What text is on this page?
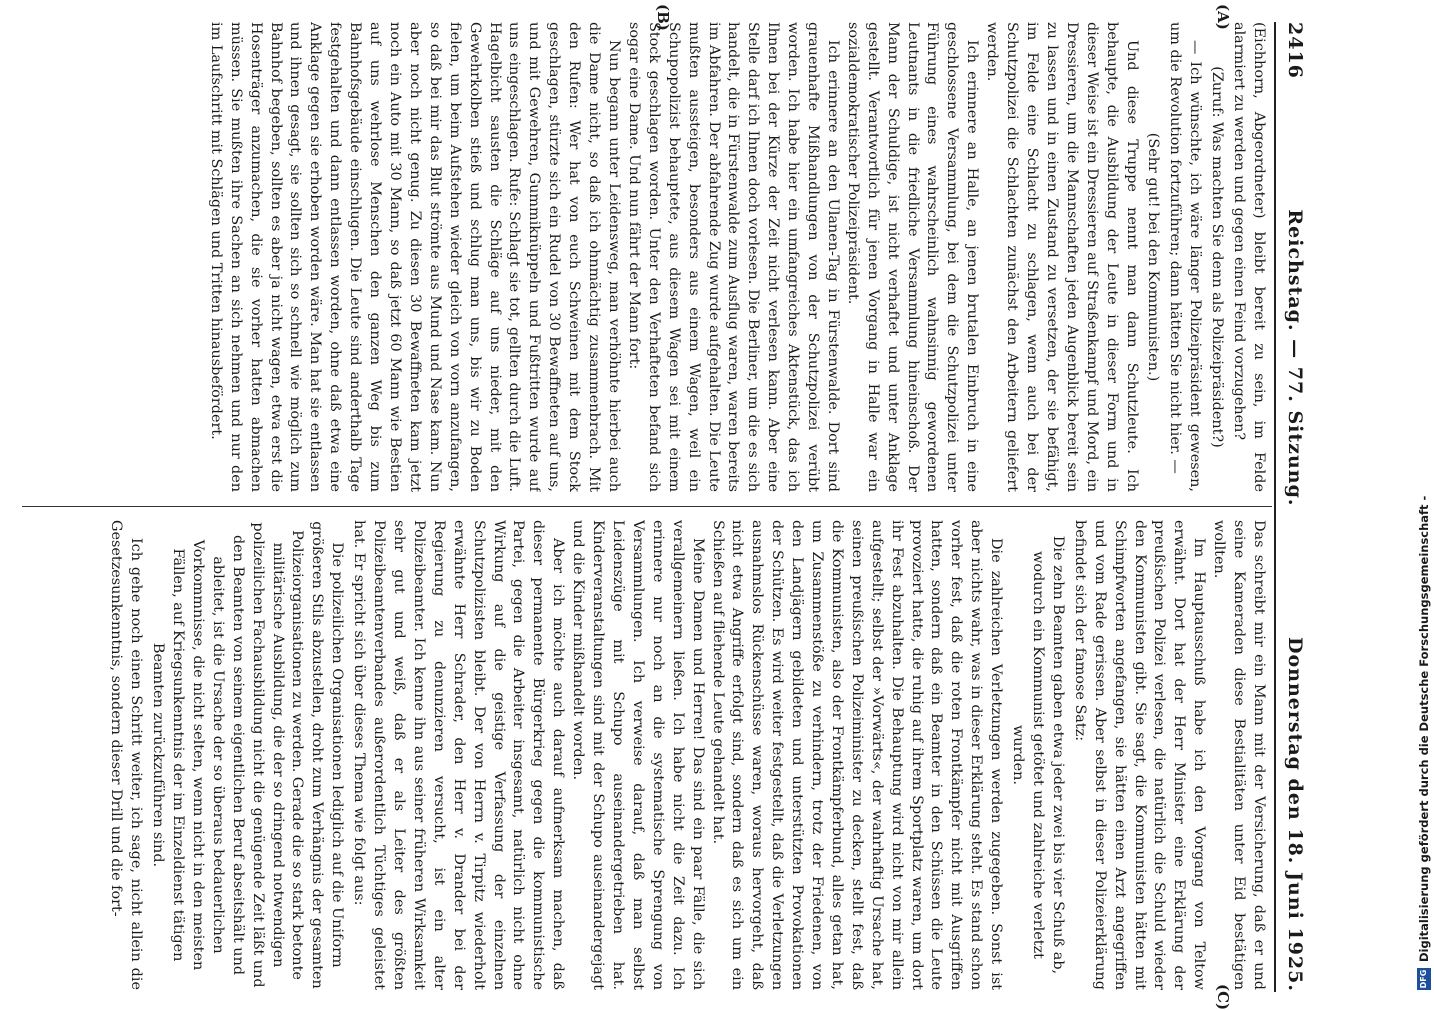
2416
Reichstag. — 77. Sitzung.
Donnerstag den 18. Juni 1925.
(A)
(B)
(C)

(Eichhorn, Abgeordneter) bleibt bereit zu sein, im Felde alarmiert zu werden und gegen einen Feind vorzugehen?

(Zuruf: Was machten Sie denn als Polizeipräsident?)

— Ich wünschte, ich wäre länger Polizeipräsident gewesen, um die Revolution fortzuführen; dann hätten Sie nicht hier. —

(Sehr gut! bei den Kommunisten.)

Und diese Truppe nennt man dann Schutzleute. Ich behaupte, die Ausbildung der Leute in dieser Form und in dieser Weise ist ein Dressieren auf Straßenkampf und Mord, ein Dressieren, um die Mannschaften jeden Augenblick bereit sein zu lassen und in einen Zustand zu versetzen, der sie befähigt, im Felde eine Schlacht zu schlagen, wenn auch bei der Schutzpolizei die Schlachten zunächst den Arbeitern geliefert werden.

Ich erinnere an Halle, an jenen brutalen Einbruch in eine geschlossene Versammlung, bei dem die Schutzpolizei unter Führung eines wahrscheinlich wahnsinnig gewordenen Leutnants in die friedliche Versammlung hineinschoß. Der Mann der Schuldige, ist nicht verhaftet und unter Anklage gestellt. Verantwortlich für jenen Vorgang in Halle war ein sozialdemokratischer Polizeipräsident.

Ich erinnere an den Ulanen-Tag in Fürstenwalde. Dort sind grauenhafte Mißhandlungen von der Schutzpolizei verübt worden. Ich habe hier ein umfangreiches Aktenstück, das ich Ihnen bei der Kürze der Zeit nicht verlesen kann. Aber eine Stelle darf ich Ihnen doch vorlesen. Die Berliner, um die es sich handelt, die in Fürstenwalde zum Ausflug waren, waren bereits im Abfahren. Der abfahrende Zug wurde aufgehalten. Die Leute mußten aussteigen, besonders aus einem Wagen, weil ein Schupopolizist behauptete, aus diesem Wagen sei mit einem Stock geschlagen worden. Unter den Verhafteten befand sich sogar eine Dame. Und nun fährt der Mann fort:

Nun begann unter Leidensweg, man verhöhnte hierbei auch die Dame nicht, so daß ich ohnmächtig zusammenbrach. Mit den Rufen: Wer hat von euch Schweinen mit dem Stock geschlagen, stürzte sich ein Rudel von 30 Bewaffneten auf uns, und mit Gewehren, Gummiknüppeln und Fußtritten wurde auf uns eingeschlagen. Rufe: Schlagt sie tot, gellten durch die Luft. Hagelbicht sausten die Schläge auf uns nieder, mit den Gewehrkolben stieß und schlug man uns, bis wir zu Boden fielen, um beim Aufstehen wieder gleich von vorn anzufangen, so daß bei mir das Blut strömte aus Mund und Nase kam. Nun aber noch nicht genug. Zu diesen 30 Bewaffneten kam jetzt noch ein Auto mit 30 Mann, so daß jetzt 60 Mann wie Bestien auf uns wehrlose Menschen den ganzen Weg bis zum Bahnhofsgebäude einschlugen. Die Leute sind anderthalb Tage festgehalten und dann entlassen worden, ohne daß etwa eine Anklage gegen sie erhoben worden wäre. Man hat sie entlassen und ihnen gesagt, sie sollten sich so schnell wie möglich zum Bahnhof begeben, sollten es aber ja nicht wagen, etwa erst die Hosenträger anzumachen, die sie vorher hatten abmachen müssen. Sie mußten ihre Sachen an sich nehmen und nur den im Laufschritt mit Schlägen und Tritten hinausbefördert.

Das schreibt mir ein Mann mit der Versicherung, daß er und seine Kameraden diese Bestialitäten unter Eid bestätigen wollten.

Im Hauptausschuß habe ich den Vorgang von Teltow erwähnt. Dort hat der Herr Minister eine Erklärung der preußischen Polizei verlesen, die natürlich die Schuld wieder den Kommunisten gibt. Sie sagt, die Kommunisten hätten mit Schimpfworten angefangen, sie hätten einen Arzt angegriffen und vom Rade gerissen. Aber selbst in dieser Polizeierklärung befindet sich der famose Satz:

Die zehn Beamten gaben etwa jeder zwei bis vier Schuß ab, wodurch ein Kommunist getötet und zahlreiche verletzt wurden.

Die zahlreichen Verletzungen werden zugegeben. Sonst ist aber nichts wahr, was in dieser Erklärung steht. Es stand schon vorher fest, daß die roten Frontkämpfer nicht mit Ausgriffen hatten, sondern daß ein Beamter in den Schüssen die Leute provoziert hatte, die ruhig auf ihrem Sportplatz waren, um dort ihr Fest abzuhalten. Die Behauptung wird nicht von mir allein aufgestellt; selbst der »Vorwärts«, der wahrhaftig Ursache hat, seinen preußischen Polizeiminister zu decken, stellt fest, daß die Kommunisten, also der Frontkämpferbund, alles getan hat, um Zusammenstöße zu verhindern, trotz der Friedenen, von den Landjägern gebildeten und unterstützten Provokationen der Schützen. Es wird weiter festgestellt, daß die Verletzungen ausnahmslos Rückenschüsse waren, woraus hervorgeht, daß nicht etwa Angriffe erfolgt sind, sondern daß es sich um ein Schießen auf fliehende Leute gehandelt hat.

Meine Damen und Herren! Das sind ein paar Fälle, die sich verallgemeinern ließen. Ich habe nicht die Zeit dazu. Ich erinnere nur noch an die systematische Sprengung von Versammlungen. Ich verweise darauf, daß man selbst Leidenszüge mit Schupo auseinandergetrieben hat. Kinderveranstaltungen sind mit der Schupo auseinandergejagt und die Kinder mißhandelt worden.

Aber ich möchte auch darauf aufmerksam machen, daß dieser permanente Bürgerkrieg gegen die kommunistische Partei, gegen die Arbeiter insgesamt, natürlich nicht ohne Wirkung auf die geistige Verfassung der einzelnen Schutzpolizisten bleibt. Der von Herrn v. Tirpitz wiederholt erwähnte Herr Schrader, den Herr v. Drander bei der Regierung zu denunzieren versucht, ist ein alter Polizeibeamter. Ich kenne ihn aus seiner früheren Wirksamkeit sehr gut und weiß, daß er als Leiter des größten Polizeibeamtenverbandes außerordentlich Tüchtiges geleistet hat. Er spricht sich über dieses Thema wie folgt aus:

Die polizeilichen Organisationen lediglich auf die Uniform größeren Stils abzustellen, droht zum Verhängnis der gesamten Polizeiorganisationen zu werden. Gerade die so stark betonte militärische Ausbildung, die der so dringend notwendigen polizeilichen Fachausbildung nicht die genügende Zeit läßt und den Beamten von seinem eigentlichen Beruf abseitshält und ableitet, ist die Ursache der so überaus bedauerlichen Vorkommnisse, die nicht selten, wenn nicht in den meisten Fällen, auf Kriegsunkenntnis der im Einzeldienst tätigen Beamten zurückzuführen sind.

Ich gehe noch einen Schritt weiter, ich sage, nicht allein die Gesetzesunkenntnis, sondern dieser Drill und die fort-

DFG
Digitalisierung gefördert durch die Deutsche Forschungsgemeinschaft -
